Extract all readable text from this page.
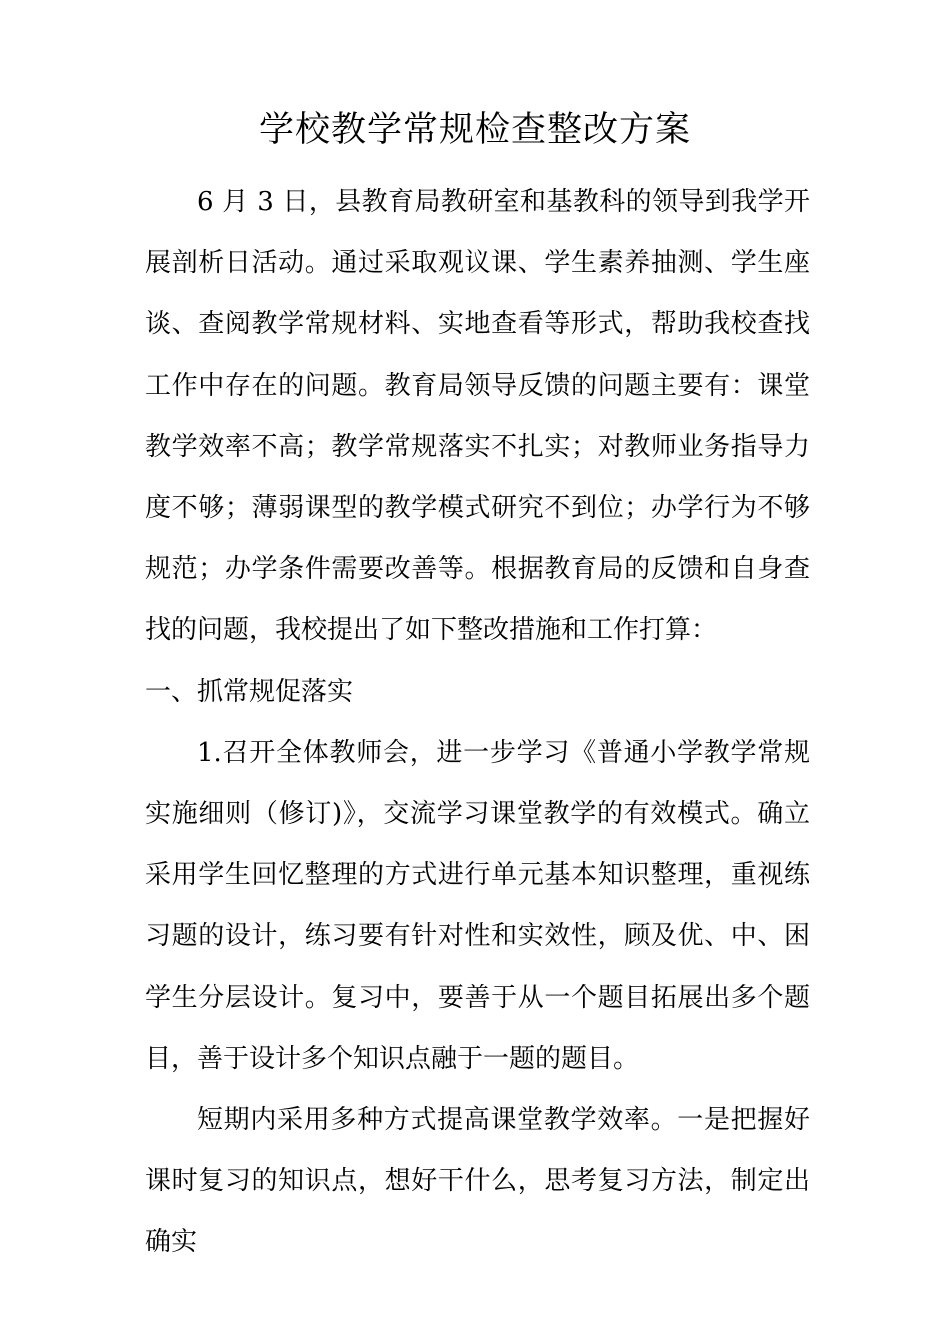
学校教学常规检查整改方案

6 月 3 日，县教育局教研室和基教科的领导到我学开展剖析日活动。通过采取观议课、学生素养抽测、学生座谈、查阅教学常规材料、实地查看等形式，帮助我校查找工作中存在的问题。教育局领导反馈的问题主要有：课堂教学效率不高；教学常规落实不扎实；对教师业务指导力度不够；薄弱课型的教学模式研究不到位；办学行为不够规范；办学条件需要改善等。根据教育局的反馈和自身查找的问题，我校提出了如下整改措施和工作打算：

一、抓常规促落实

1.召开全体教师会，进一步学习《普通小学教学常规实施细则（修订)》，交流学习课堂教学的有效模式。确立采用学生回忆整理的方式进行单元基本知识整理，重视练习题的设计，练习要有针对性和实效性，顾及优、中、困学生分层设计。复习中，要善于从一个题目拓展出多个题目，善于设计多个知识点融于一题的题目。

短期内采用多种方式提高课堂教学效率。一是把握好课时复习的知识点，想好干什么，思考复习方法，制定出确实
